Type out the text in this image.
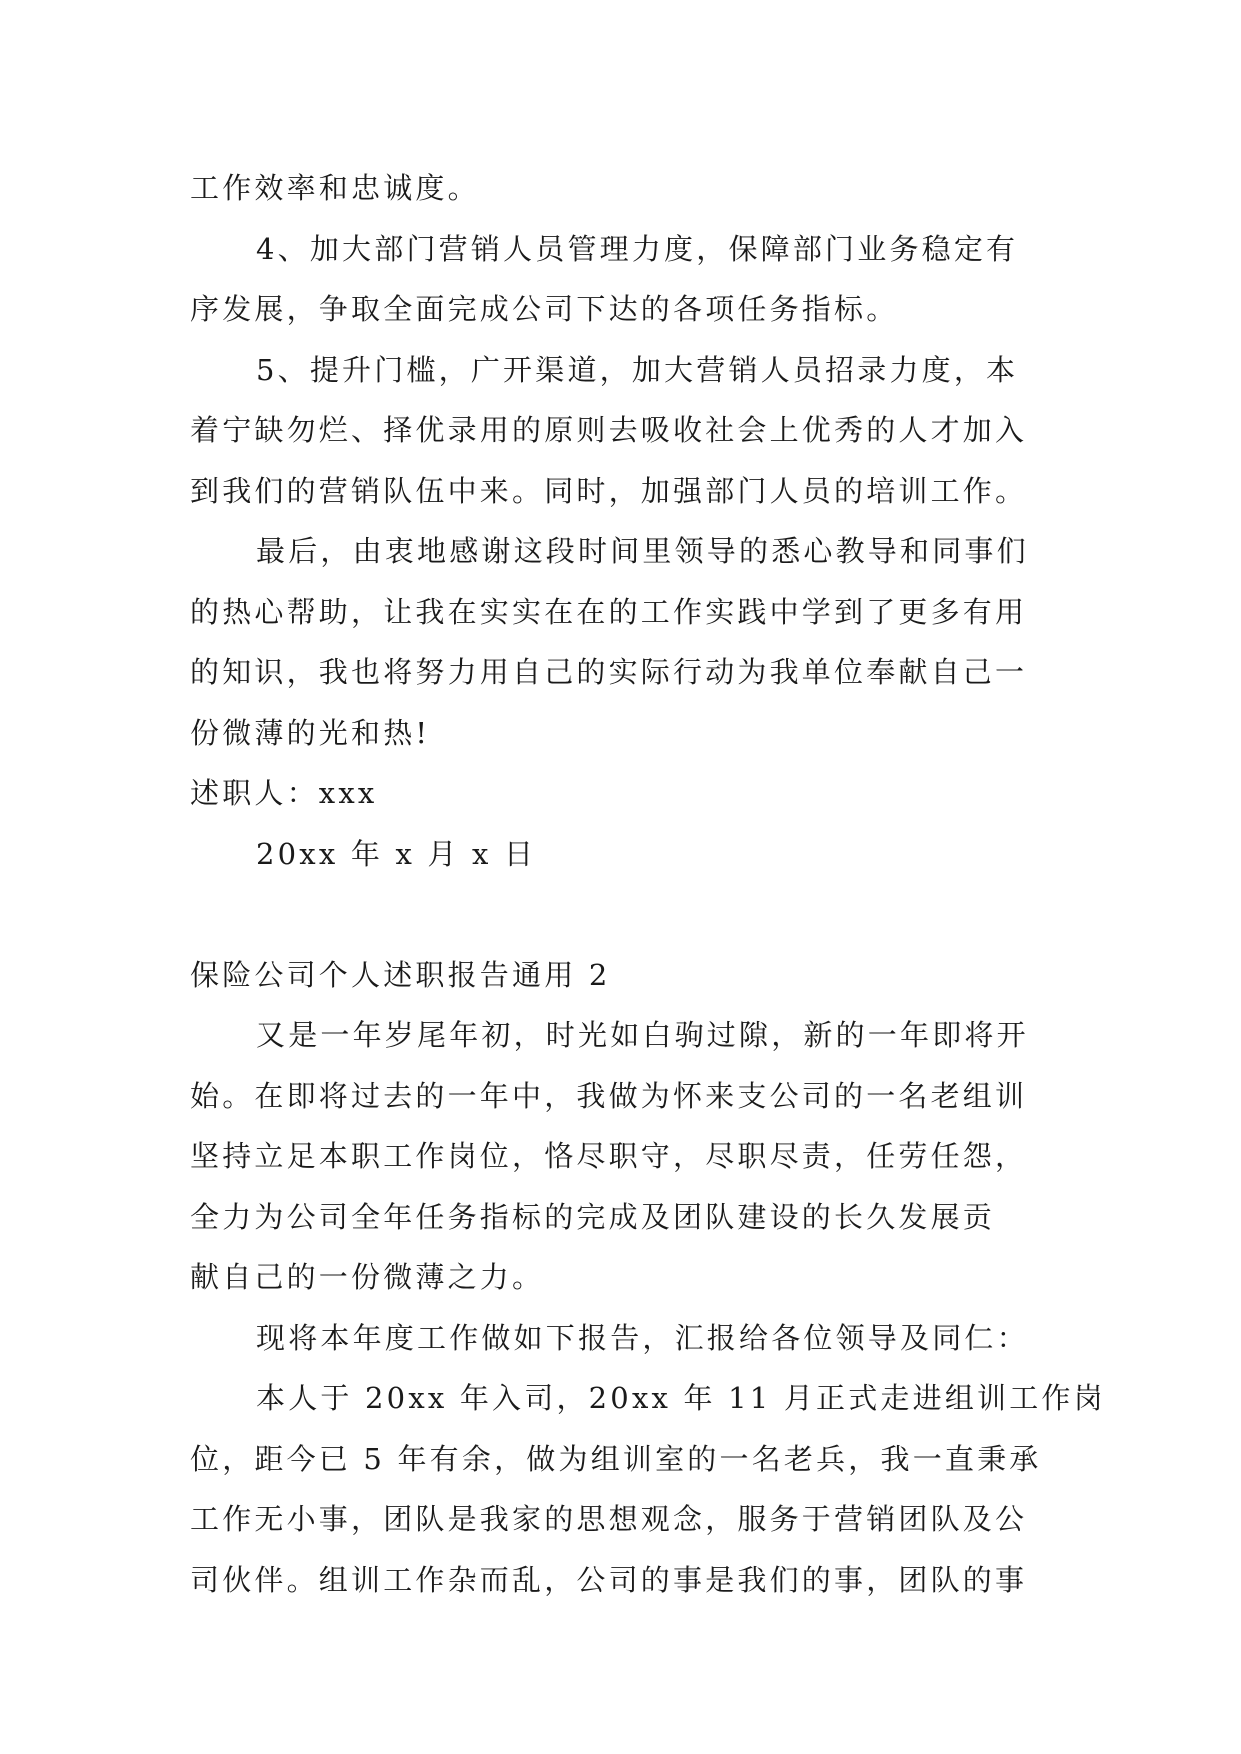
工作效率和忠诚度。
4、加大部门营销人员管理力度，保障部门业务稳定有
序发展，争取全面完成公司下达的各项任务指标。
5、提升门槛，广开渠道，加大营销人员招录力度，本
着宁缺勿烂、择优录用的原则去吸收社会上优秀的人才加入
到我们的营销队伍中来。同时，加强部门人员的培训工作。
最后，由衷地感谢这段时间里领导的悉心教导和同事们
的热心帮助，让我在实实在在的工作实践中学到了更多有用
的知识，我也将努力用自己的实际行动为我单位奉献自己一
份微薄的光和热!
述职人：xxx
20xx 年 x 月 x 日
保险公司个人述职报告通用 2
又是一年岁尾年初，时光如白驹过隙，新的一年即将开
始。在即将过去的一年中，我做为怀来支公司的一名老组训
坚持立足本职工作岗位，恪尽职守，尽职尽责，任劳任怨，
全力为公司全年任务指标的完成及团队建设的长久发展贡
献自己的一份微薄之力。
现将本年度工作做如下报告，汇报给各位领导及同仁：
本人于 20xx 年入司，20xx 年 11 月正式走进组训工作岗
位，距今已 5 年有余，做为组训室的一名老兵，我一直秉承
工作无小事，团队是我家的思想观念，服务于营销团队及公
司伙伴。组训工作杂而乱，公司的事是我们的事，团队的事
